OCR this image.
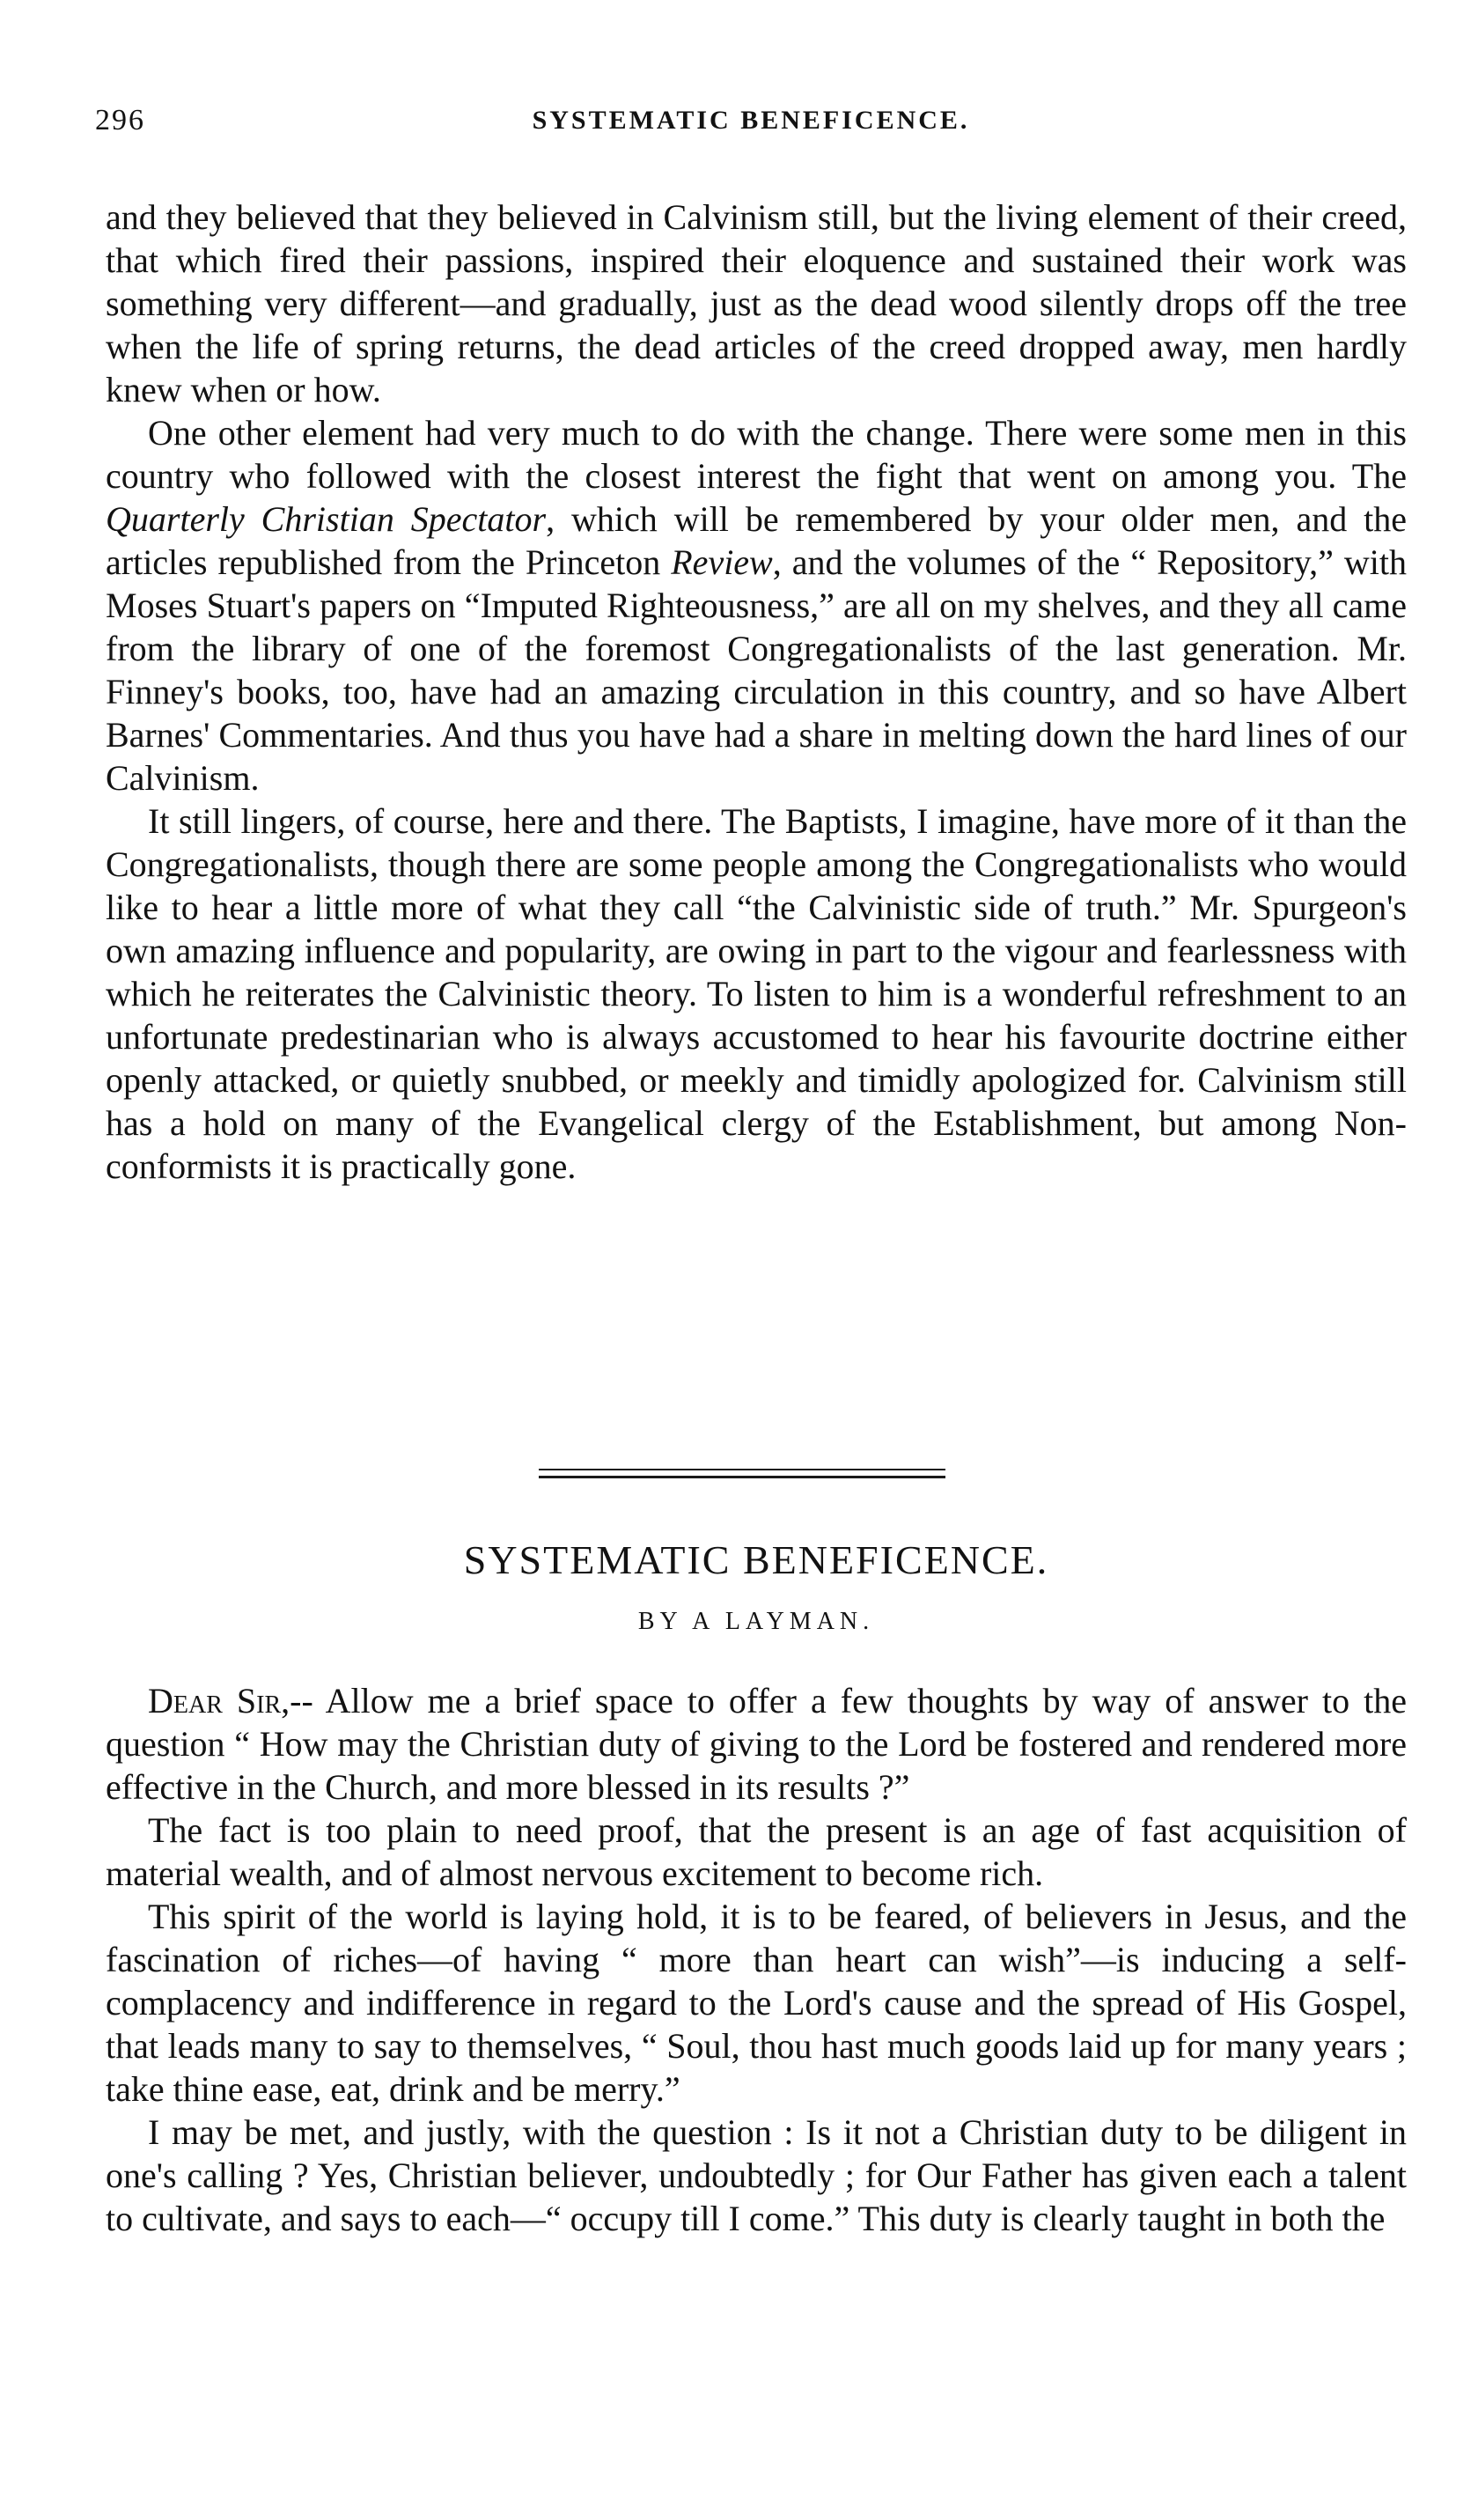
296	SYSTEMATIC BENEFICENCE.

and they believed that they believed in Calvinism still, but the living element of their creed, that which fired their passions, inspired their eloquence and sustained their work was something very different—and gradually, just as the dead wood silently drops off the tree when the life of spring returns, the dead articles of the creed dropped away, men hardly knew when or how.

One other element had very much to do with the change. There were some men in this country who followed with the closest interest the fight that went on among you. The Quarterly Christian Spectator, which will be remembered by your older men, and the articles republished from the Princeton Review, and the volumes of the “ Repository,” with Moses Stuart's papers on “Imputed Righteousness,” are all on my shelves, and they all came from the library of one of the foremost Congregationalists of the last generation. Mr. Finney's books, too, have had an amazing circulation in this country, and so have Albert Barnes' Commentaries. And thus you have had a share in melting down the hard lines of our Calvinism.

It still lingers, of course, here and there. The Baptists, I imagine, have more of it than the Congregationalists, though there are some people among the Congregationalists who would like to hear a little more of what they call “the Calvinistic side of truth.” Mr. Spurgeon's own amazing influence and popularity, are owing in part to the vigour and fearlessness with which he reiterates the Calvinistic theory. To listen to him is a wonderful refreshment to an unfortunate predestinarian who is always accustomed to hear his favourite doctrine either openly attacked, or quietly snubbed, or meekly and timidly apologized for. Calvinism still has a hold on many of the Evangelical clergy of the Establishment, but among Non-conformists it is practically gone.

SYSTEMATIC BENEFICENCE.
BY A LAYMAN.

Dear Sir,-- Allow me a brief space to offer a few thoughts by way of answer to the question “ How may the Christian duty of giving to the Lord be fostered and rendered more effective in the Church, and more blessed in its results ?”

The fact is too plain to need proof, that the present is an age of fast acquisition of material wealth, and of almost nervous excitement to become rich.

This spirit of the world is laying hold, it is to be feared, of believers in Jesus, and the fascination of riches—of having “ more than heart can wish”—is inducing a self-complacency and indifference in regard to the Lord's cause and the spread of His Gospel, that leads many to say to themselves, “ Soul, thou hast much goods laid up for many years ; take thine ease, eat, drink and be merry.”

I may be met, and justly, with the question : Is it not a Christian duty to be diligent in one's calling ? Yes, Christian believer, undoubtedly ; for Our Father has given each a talent to cultivate, and says to each—“ occupy till I come.” This duty is clearly taught in both the
